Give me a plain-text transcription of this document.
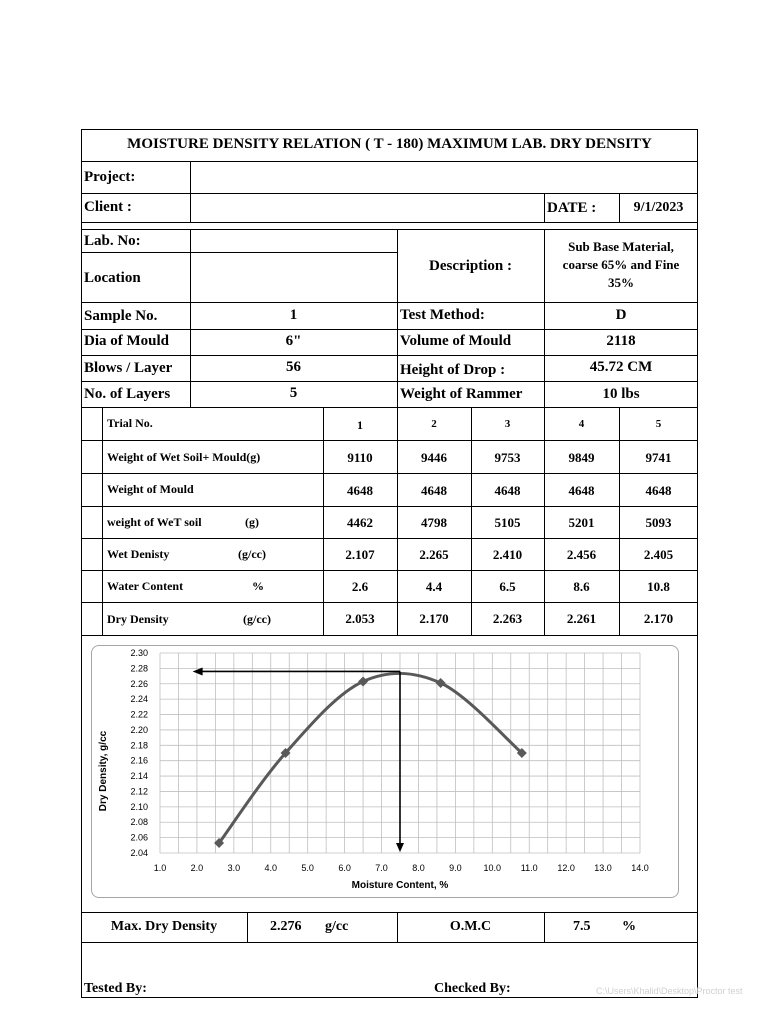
MOISTURE DENSITY RELATION ( T - 180) MAXIMUM LAB. DRY DENSITY
Project:
Client :	DATE :	9/1/2023
Lab. No:
Location
Description :
Sub Base Material, coarse 65% and Fine 35%
Sample No.	1	Test Method:	D
Dia of Mould	6"	Volume of Mould	2118
Blows / Layer	56	Height of Drop :	45.72 CM
No. of Layers	5	Weight of Rammer	10 lbs
Trial No.	1	2	3	4	5
Weight of Wet Soil+ Mould(g)	9110	9446	9753	9849	9741
Weight of Mould	4648	4648	4648	4648	4648
weight of WeT soil	(g)	4462	4798	5105	5201	5093
Wet Denisty	(g/cc)	2.107	2.265	2.410	2.456	2.405
Water Content	%	2.6	4.4	6.5	8.6	10.8
Dry Density	(g/cc)	2.053	2.170	2.263	2.261	2.170
2.04
2.06
2.08
2.10
2.12
2.14
2.16
2.18
2.20
2.22
2.24
2.26
2.28
2.30
1.0	2.0	3.0	4.0	5.0	6.0	7.0	8.0	9.0 10.0 11.0 12.0 13.0 14.0
Moisture Content, %
Dry Density, g/cc
Max. Dry Density	2.276 g/cc	O.M.C	7.5 %
Tested By:	Checked By:	C:\Users\Khalid\Desktop\Proctor test
